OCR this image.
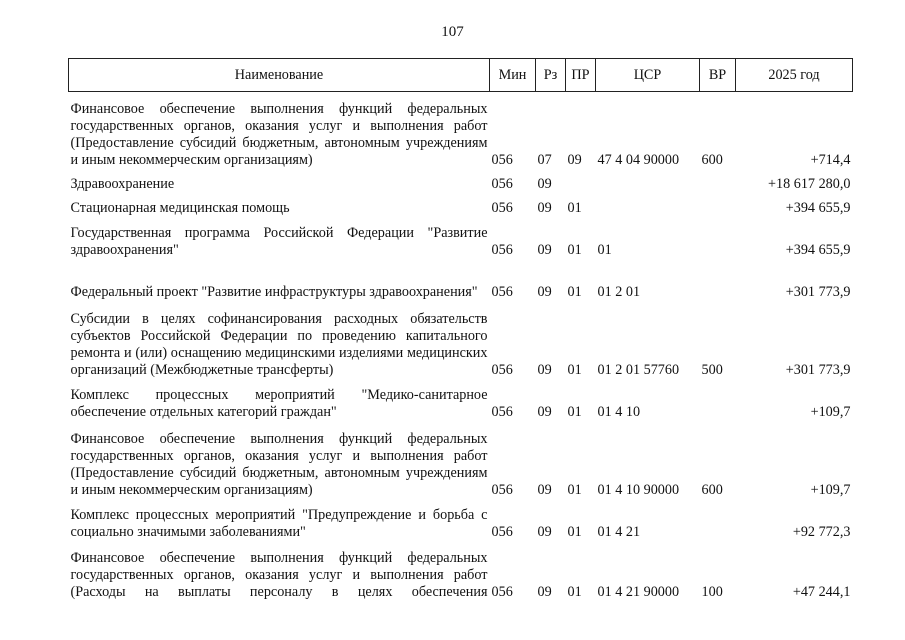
107
Наименование	Мин	Рз	ПР	ЦСР	ВР	2025 год
Финансовое обеспечение выполнения функций федеральных государственных органов, оказания услуг и выполнения работ (Предоставление субсидий бюджетным, автономным учреждениям и иным некоммерческим организациям)	056	07	09	47 4 04 90000	600	+714,4
Здравоохранение	056	09				+18 617 280,0
Стационарная медицинская помощь	056	09	01			+394 655,9
Государственная программа Российской Федерации "Развитие здравоохранения"	056	09	01	01		+394 655,9
Федеральный проект "Развитие инфраструктуры здравоохранения"	056	09	01	01 2 01		+301 773,9
Субсидии в целях софинансирования расходных обязательств субъектов Российской Федерации по проведению капитального ремонта и (или) оснащению медицинскими изделиями медицинских организаций (Межбюджетные трансферты)	056	09	01	01 2 01 57760	500	+301 773,9
Комплекс процессных мероприятий "Медико-санитарное обеспечение отдельных категорий граждан"	056	09	01	01 4 10		+109,7
Финансовое обеспечение выполнения функций федеральных государственных органов, оказания услуг и выполнения работ (Предоставление субсидий бюджетным, автономным учреждениям и иным некоммерческим организациям)	056	09	01	01 4 10 90000	600	+109,7
Комплекс процессных мероприятий "Предупреждение и борьба с социально значимыми заболеваниями"	056	09	01	01 4 21		+92 772,3
Финансовое обеспечение выполнения функций федеральных государственных органов, оказания услуг и выполнения работ (Расходы на выплаты персоналу в целях обеспечения	056	09	01	01 4 21 90000	100	+47 244,1
